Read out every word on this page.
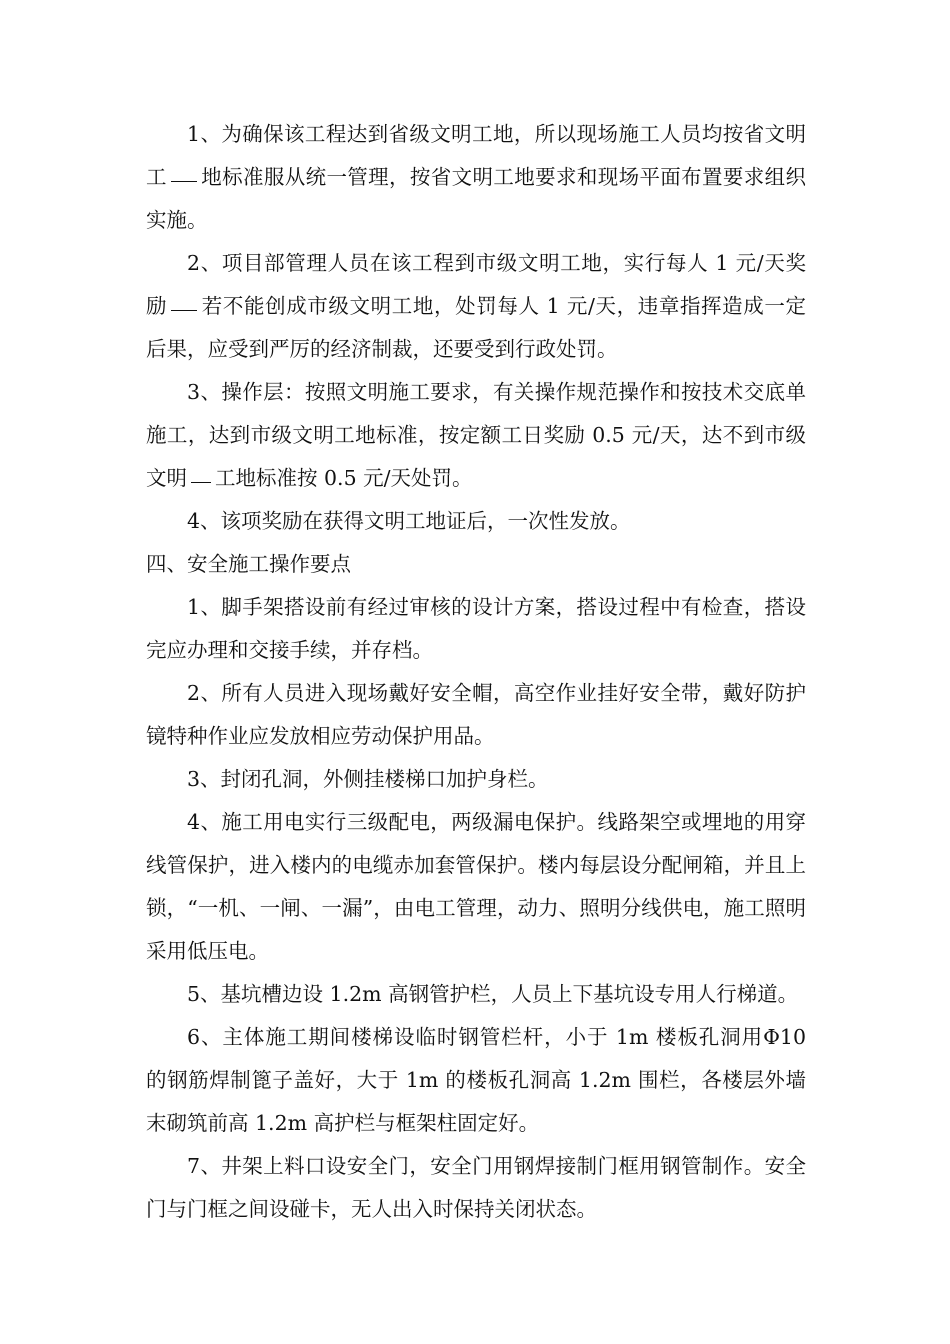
1、为确保该工程达到省级文明工地，所以现场施工人员均按省文明工 地标准服从统一管理，按省文明工地要求和现场平面布置要求组织实施。

2、项目部管理人员在该工程到市级文明工地，实行每人 1 元/天奖励 若不能创成市级文明工地，处罚每人 1 元/天，违章指挥造成一定后果，应受到严厉的经济制裁，还要受到行政处罚。

3、操作层：按照文明施工要求，有关操作规范操作和按技术交底单施工，达到市级文明工地标准，按定额工日奖励 0.5 元/天，达不到市级文明 工地标准按 0.5 元/天处罚。

4、该项奖励在获得文明工地证后，一次性发放。

四、安全施工操作要点

1、脚手架搭设前有经过审核的设计方案，搭设过程中有检查，搭设完应办理和交接手续，并存档。

2、所有人员进入现场戴好安全帽，高空作业挂好安全带，戴好防护镜特种作业应发放相应劳动保护用品。

3、封闭孔洞，外侧挂楼梯口加护身栏。

4、施工用电实行三级配电，两级漏电保护。线路架空或埋地的用穿线管保护，进入楼内的电缆赤加套管保护。楼内每层设分配闸箱，并且上锁，“一机、一闸、一漏”，由电工管理，动力、照明分线供电，施工照明采用低压电。

5、基坑槽边设 1.2m 高钢管护栏，人员上下基坑设专用人行梯道。

6、主体施工期间楼梯设临时钢管栏杆，小于 1m 楼板孔洞用Φ10 的钢筋焊制篦子盖好，大于 1m 的楼板孔洞高 1.2m 围栏，各楼层外墙末砌筑前高 1.2m 高护栏与框架柱固定好。

7、井架上料口设安全门，安全门用钢焊接制门框用钢管制作。安全门与门框之间设碰卡，无人出入时保持关闭状态。
